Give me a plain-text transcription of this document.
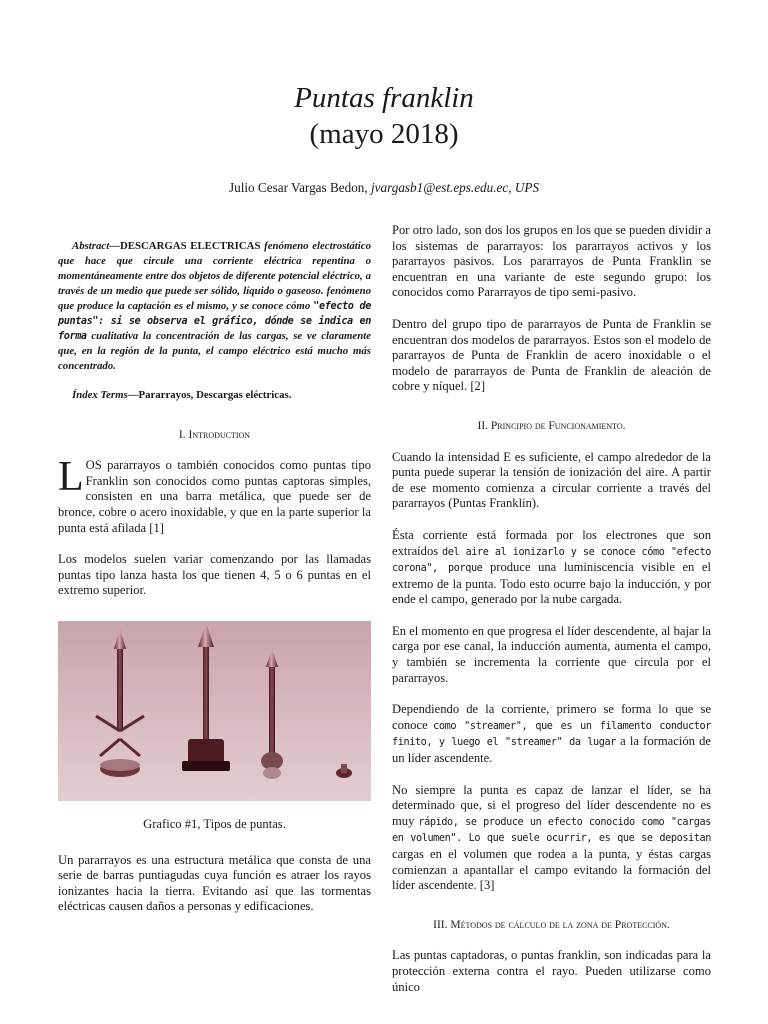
Puntas franklin
(mayo 2018)
Julio Cesar Vargas Bedon, jvargasb1@est.eps.edu.ec, UPS

Abstract—DESCARGAS ELECTRICAS fenómeno electrostático que hace que circule una corriente eléctrica repentina o momentáneamente entre dos objetos de diferente potencial eléctrico, a través de un medio que puede ser sólido, líquido o gaseoso. fenómeno que produce la captación es el mismo, y se conoce cómo "efecto de puntas": si se observa el gráfico, dónde se indica en forma cualitativa la concentración de las cargas, se ve claramente que, en la región de la punta, el campo eléctrico está mucho más concentrado.

Índex Terms—Pararrayos, Descargas eléctricas.

I. Introduction

LOS pararrayos o también conocidos como puntas tipo Franklin son conocidos como puntas captoras simples, consisten en una barra metálica, que puede ser de bronce, cobre o acero inoxidable, y que en la parte superior la punta está afilada [1]

Los modelos suelen variar comenzando por las llamadas puntas tipo lanza hasta los que tienen 4, 5 o 6 puntas en el extremo superior.

Grafico #1, Tipos de puntas.

Un pararrayos es una estructura metálica que consta de una serie de barras puntiagudas cuya función es atraer los rayos ionizantes hacia la tierra. Evitando así que las tormentas eléctricas causen daños a personas y edificaciones.

Por otro lado, son dos los grupos en los que se pueden dividir a los sistemas de pararrayos: los pararrayos activos y los pararrayos pasivos. Los pararrayos de Punta Franklin se encuentran en una variante de este segundo grupo: los conocidos como Pararrayos de tipo semi-pasivo.

Dentro del grupo tipo de pararrayos de Punta de Franklin se encuentran dos modelos de pararrayos. Estos son el modelo de pararrayos de Punta de Franklin de acero inoxidable o el modelo de pararrayos de Punta de Franklin de aleación de cobre y níquel. [2]

II. Principio de Funcionamiento.

Cuando la intensidad E es suficiente, el campo alrededor de la punta puede superar la tensión de ionización del aire. A partir de ese momento comienza a circular corriente a través del pararrayos (Puntas Franklin).

Ésta corriente está formada por los electrones que son extraídos del aire al ionizarlo y se conoce cómo "efecto corona", porque produce una luminiscencia visible en el extremo de la punta. Todo esto ocurre bajo la inducción, y por ende el campo, generado por la nube cargada.

En el momento en que progresa el líder descendente, al bajar la carga por ese canal, la inducción aumenta, aumenta el campo, y también se incrementa la corriente que circula por el pararrayos.

Dependiendo de la corriente, primero se forma lo que se conoce como "streamer", que es un filamento conductor finito, y luego el "streamer" da lugar a la formación de un líder ascendente.

No siempre la punta es capaz de lanzar el líder, se ha determinado que, si el progreso del líder descendente no es muy rápido, se produce un efecto conocido como "cargas en volumen". Lo que suele ocurrir, es que se depositan cargas en el volumen que rodea a la punta, y éstas cargas comienzan a apantallar el campo evitando la formación del líder ascendente. [3]

III. Métodos de cálculo de la zona de Protección.

Las puntas captadoras, o puntas franklin, son indicadas para la protección externa contra el rayo. Pueden utilizarse como único
